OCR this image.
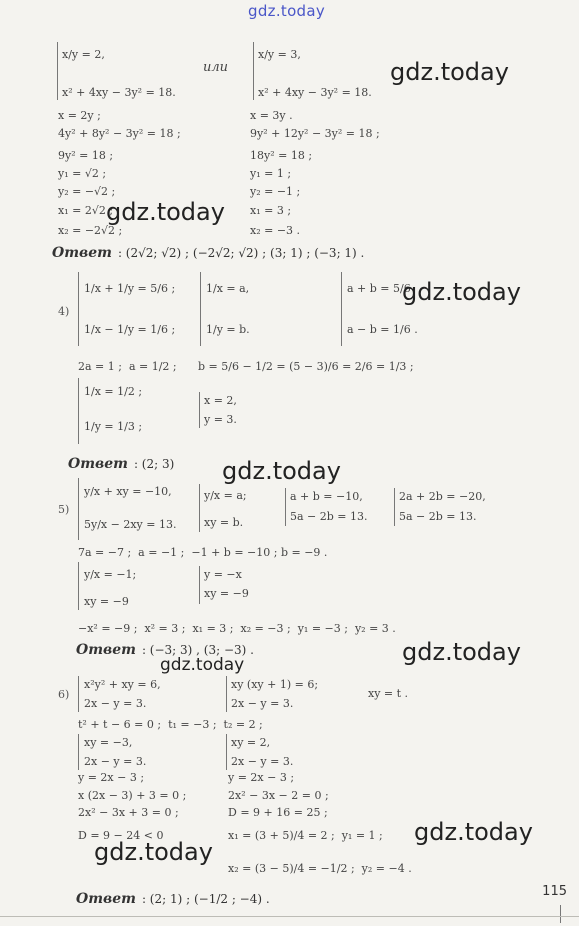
gdz.today
x/y = 2,
x² + 4xy − 3y² = 18.
или
x/y = 3,
x² + 4xy − 3y² = 18.
x = 2y ;
4y² + 8y² − 3y² = 18 ;
9y² = 18 ;
y₁ = √2 ;
y₂ = −√2 ;
x₁ = 2√2 ;
x₂ = −2√2 ;
x = 3y .
9y² + 12y² − 3y² = 18 ;
18y² = 18 ;
y₁ = 1 ;
y₂ = −1 ;
x₁ = 3 ;
x₂ = −3 .
Ответ : (2√2; √2) ; (−2√2; √2) ; (3; 1) ; (−3; 1) .
4)
1/x + 1/y = 5/6 ;
1/x − 1/y = 1/6 ;
1/x = a,
1/y = b.
a + b = 5/6
a − b = 1/6 .
2a = 1 ;  a = 1/2 ; b = 5/6 − 1/2 = (5 − 3)/6 = 2/6 = 1/3 ;
1/x = 1/2 ;
1/y = 1/3 ;
x = 2,
y = 3.
Ответ : (2; 3)
5)
y/x + xy = −10,
5y/x − 2xy = 13.
y/x = a;
xy = b.
a + b = −10,
5a − 2b = 13.
2a + 2b = −20,
5a − 2b = 13.
7a = −7 ;  a = −1 ;  −1 + b = −10 ; b = −9 .
y/x = −1;
xy = −9
y = −x
xy = −9
−x² = −9 ;  x² = 3 ;  x₁ = 3 ;  x₂ = −3 ;  y₁ = −3 ;  y₂ = 3 .
Ответ : (−3; 3) , (3; −3) .
6)
x²y² + xy = 6,
2x − y = 3.
xy (xy + 1) = 6;
2x − y = 3.
xy = t .
t² + t − 6 = 0 ;  t₁ = −3 ;  t₂ = 2 ;
xy = −3,
2x − y = 3.
xy = 2,
2x − y = 3.
y = 2x − 3 ;
x (2x − 3) + 3 = 0 ;
2x² − 3x + 3 = 0 ;
D = 9 − 24 < 0
y = 2x − 3 ;
2x² − 3x − 2 = 0 ;
D = 9 + 16 = 25 ;
x₁ = (3 + 5)/4 = 2 ;  y₁ = 1 ;
x₂ = (3 − 5)/4 = −1/2 ;  y₂ = −4 .
Ответ : (2; 1) ; (−1/2 ; −4) .
gdz.today
gdz.today
gdz.today
gdz.today
gdz.today
gdz.today
gdz.today
gdz.today
115
